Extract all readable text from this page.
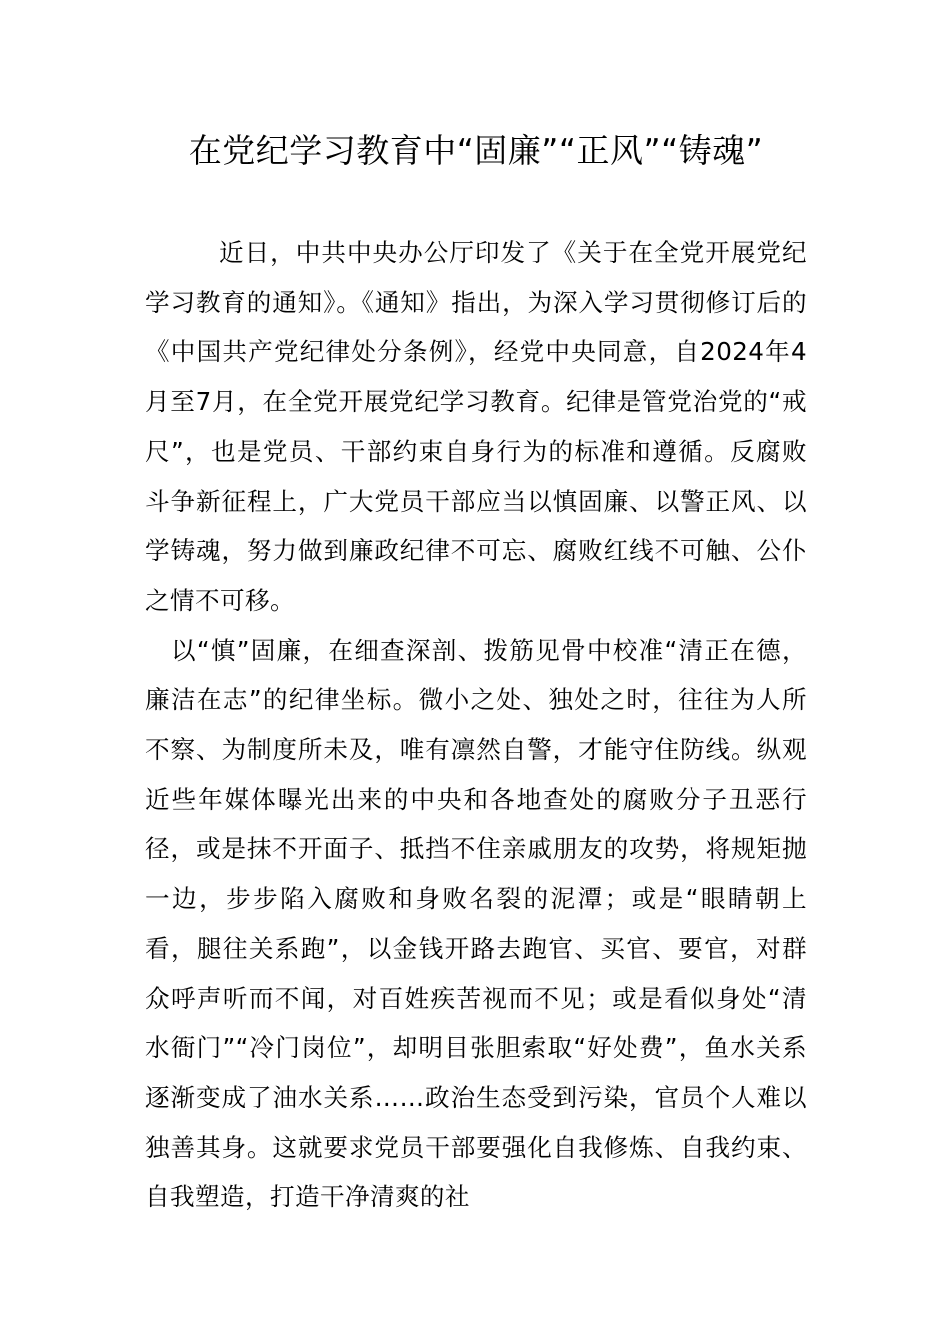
在党纪学习教育中“固廉”“正风”“铸魂”

近日，中共中央办公厅印发了《关于在全党开展党纪学习教育的通知》。《通知》指出，为深入学习贯彻修订后的《中国共产党纪律处分条例》，经党中央同意，自2024年4月至7月，在全党开展党纪学习教育。纪律是管党治党的“戒尺”，也是党员、干部约束自身行为的标准和遵循。反腐败斗争新征程上，广大党员干部应当以慎固廉、以警正风、以学铸魂，努力做到廉政纪律不可忘、腐败红线不可触、公仆之情不可移。

以“慎”固廉，在细查深剖、拨筋见骨中校准“清正在德，廉洁在志”的纪律坐标。微小之处、独处之时，往往为人所不察、为制度所未及，唯有凛然自警，才能守住防线。纵观近些年媒体曝光出来的中央和各地查处的腐败分子丑恶行径，或是抹不开面子、抵挡不住亲戚朋友的攻势，将规矩抛一边，步步陷入腐败和身败名裂的泥潭；或是“眼睛朝上看，腿往关系跑”，以金钱开路去跑官、买官、要官，对群众呼声听而不闻，对百姓疾苦视而不见；或是看似身处“清水衙门”“冷门岗位”，却明目张胆索取“好处费”，鱼水关系逐渐变成了油水关系……政治生态受到污染，官员个人难以独善其身。这就要求党员干部要强化自我修炼、自我约束、自我塑造，打造干净清爽的社
